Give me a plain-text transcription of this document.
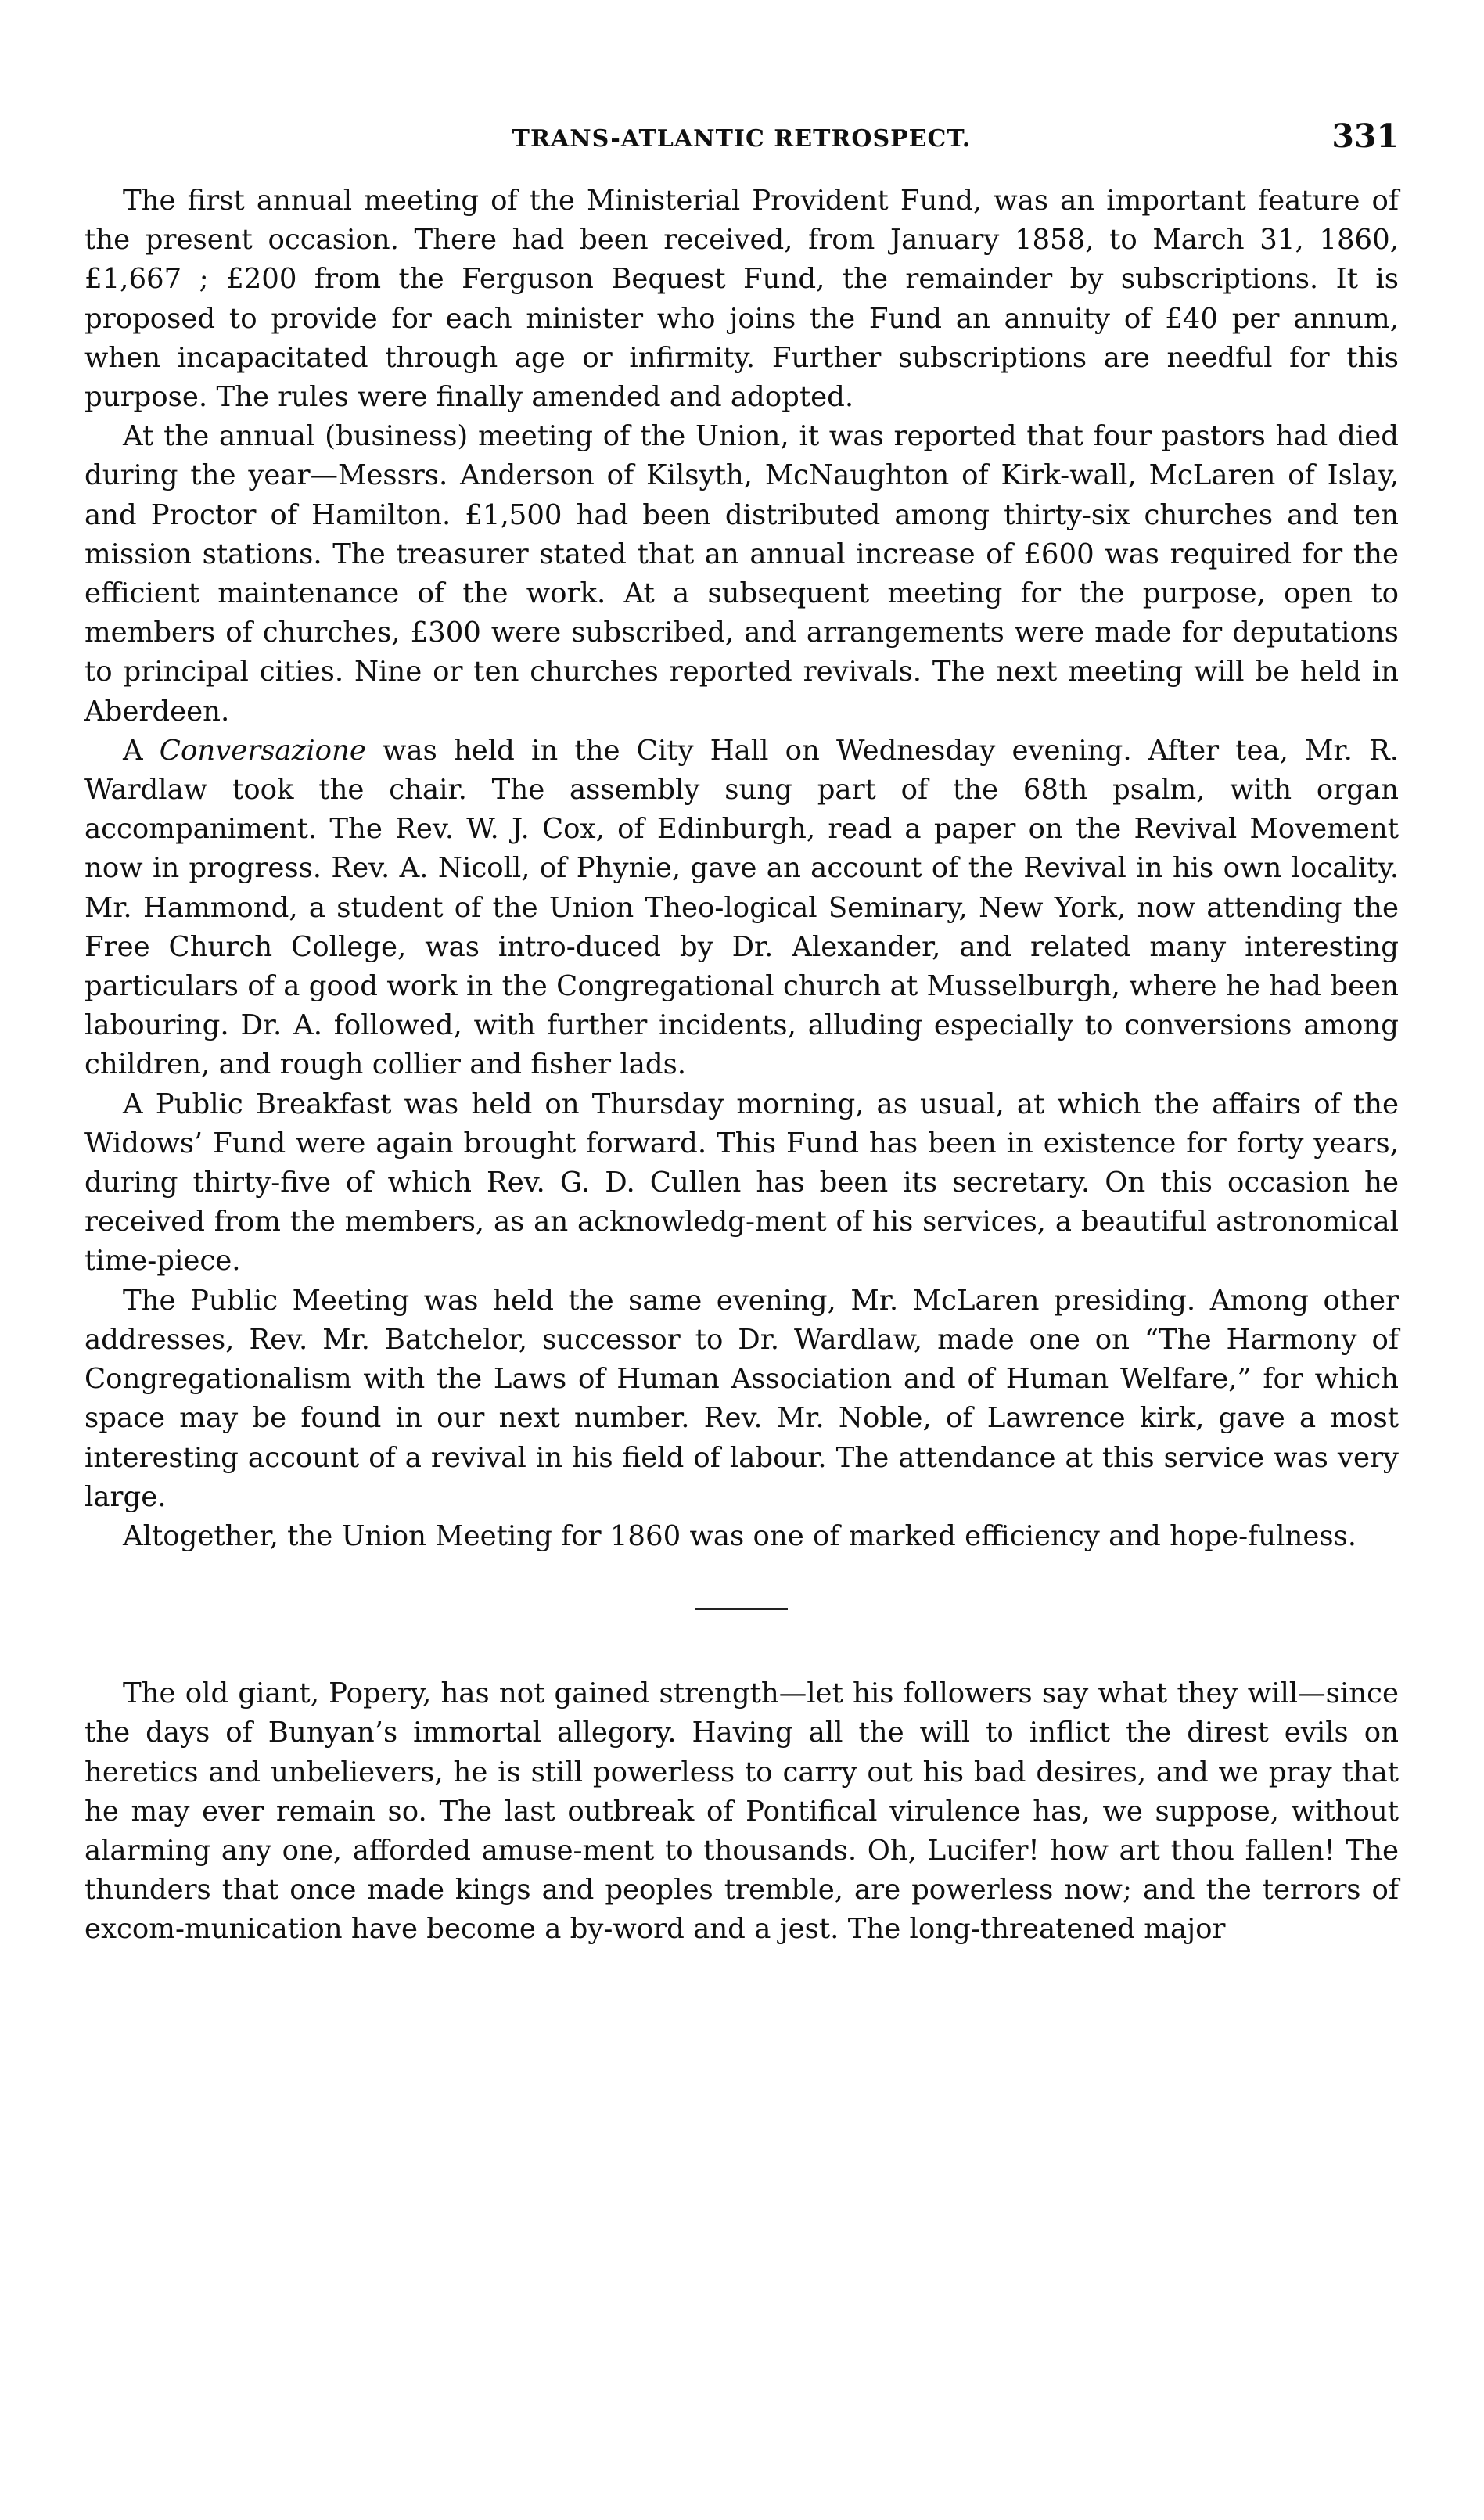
TRANS-ATLANTIC RETROSPECT.	331

The first annual meeting of the Ministerial Provident Fund, was an important feature of the present occasion. There had been received, from January 1858, to March 31, 1860, £1,667 ; £200 from the Ferguson Bequest Fund, the remainder by subscriptions. It is proposed to provide for each minister who joins the Fund an annuity of £40 per annum, when incapacitated through age or infirmity. Further subscriptions are needful for this purpose. The rules were finally amended and adopted.

At the annual (business) meeting of the Union, it was reported that four pastors had died during the year—Messrs. Anderson of Kilsyth, McNaughton of Kirk-wall, McLaren of Islay, and Proctor of Hamilton. £1,500 had been distributed among thirty-six churches and ten mission stations. The treasurer stated that an annual increase of £600 was required for the efficient maintenance of the work. At a subsequent meeting for the purpose, open to members of churches, £300 were subscribed, and arrangements were made for deputations to principal cities. Nine or ten churches reported revivals. The next meeting will be held in Aberdeen.

A Conversazione was held in the City Hall on Wednesday evening. After tea, Mr. R. Wardlaw took the chair. The assembly sung part of the 68th psalm, with organ accompaniment. The Rev. W. J. Cox, of Edinburgh, read a paper on the Revival Movement now in progress. Rev. A. Nicoll, of Phynie, gave an account of the Revival in his own locality. Mr. Hammond, a student of the Union Theo-logical Seminary, New York, now attending the Free Church College, was intro-duced by Dr. Alexander, and related many interesting particulars of a good work in the Congregational church at Musselburgh, where he had been labouring. Dr. A. followed, with further incidents, alluding especially to conversions among children, and rough collier and fisher lads.

A Public Breakfast was held on Thursday morning, as usual, at which the affairs of the Widows’ Fund were again brought forward. This Fund has been in existence for forty years, during thirty-five of which Rev. G. D. Cullen has been its secretary. On this occasion he received from the members, as an acknowledg-ment of his services, a beautiful astronomical time-piece.

The Public Meeting was held the same evening, Mr. McLaren presiding. Among other addresses, Rev. Mr. Batchelor, successor to Dr. Wardlaw, made one on “The Harmony of Congregationalism with the Laws of Human Association and of Human Welfare,” for which space may be found in our next number. Rev. Mr. Noble, of Lawrence kirk, gave a most interesting account of a revival in his field of labour. The attendance at this service was very large.

Altogether, the Union Meeting for 1860 was one of marked efficiency and hope-fulness.

The old giant, Popery, has not gained strength—let his followers say what they will—since the days of Bunyan’s immortal allegory. Having all the will to inflict the direst evils on heretics and unbelievers, he is still powerless to carry out his bad desires, and we pray that he may ever remain so. The last outbreak of Pontifical virulence has, we suppose, without alarming any one, afforded amuse-ment to thousands. Oh, Lucifer! how art thou fallen! The thunders that once made kings and peoples tremble, are powerless now; and the terrors of excom-munication have become a by-word and a jest. The long-threatened major
